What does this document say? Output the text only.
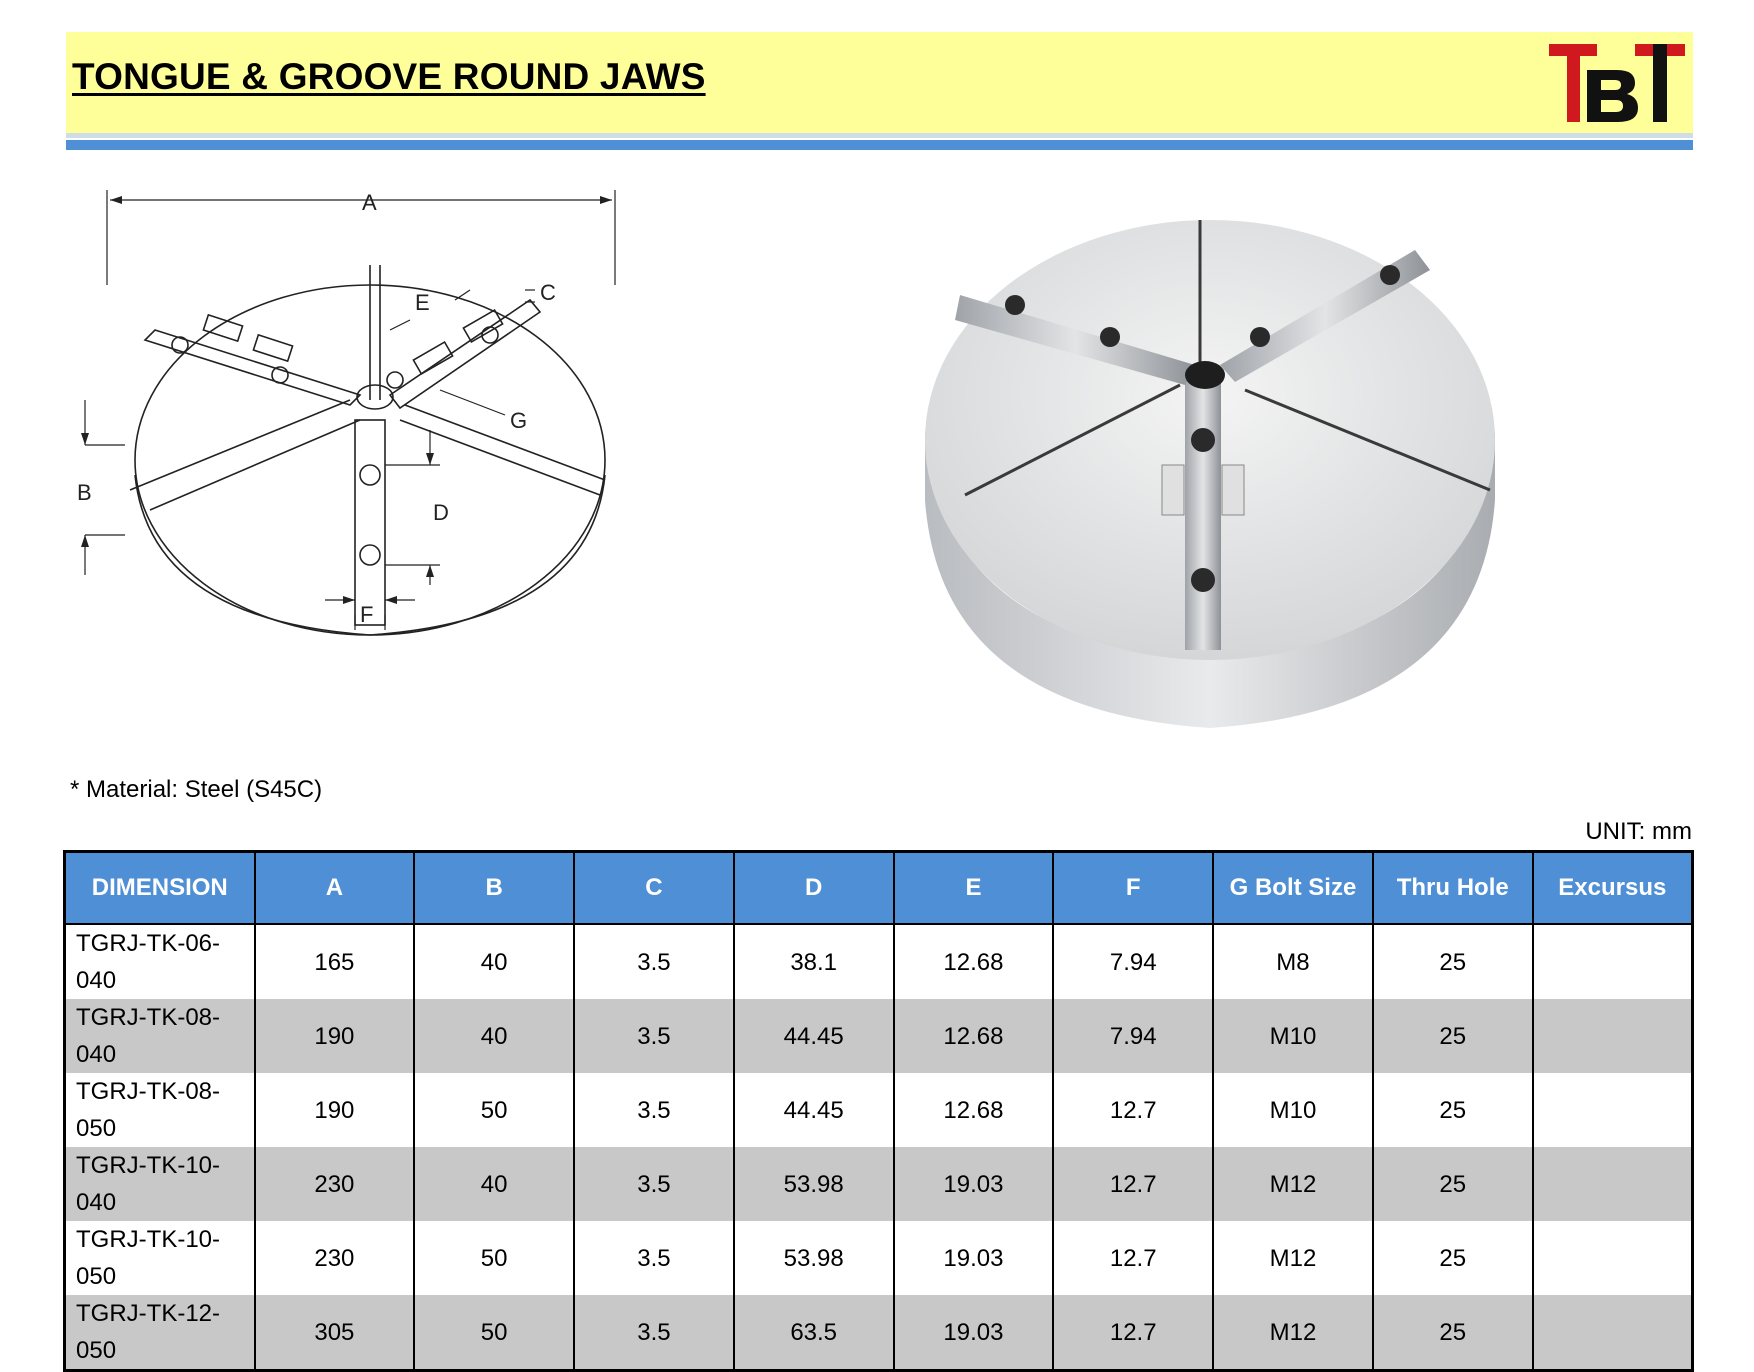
TONGUE & GROOVE ROUND JAWS
A
B
C
D
E
F
G
* Material: Steel (S45C)
UNIT: mm
DIMENSION	A	B	C	D	E	F	G Bolt Size	Thru Hole	Excursus
TGRJ-TK-06-040	165	40	3.5	38.1	12.68	7.94	M8	25	
TGRJ-TK-08-040	190	40	3.5	44.45	12.68	7.94	M10	25	
TGRJ-TK-08-050	190	50	3.5	44.45	12.68	12.7	M10	25	
TGRJ-TK-10-040	230	40	3.5	53.98	19.03	12.7	M12	25	
TGRJ-TK-10-050	230	50	3.5	53.98	19.03	12.7	M12	25	
TGRJ-TK-12-050	305	50	3.5	63.5	19.03	12.7	M12	25	
